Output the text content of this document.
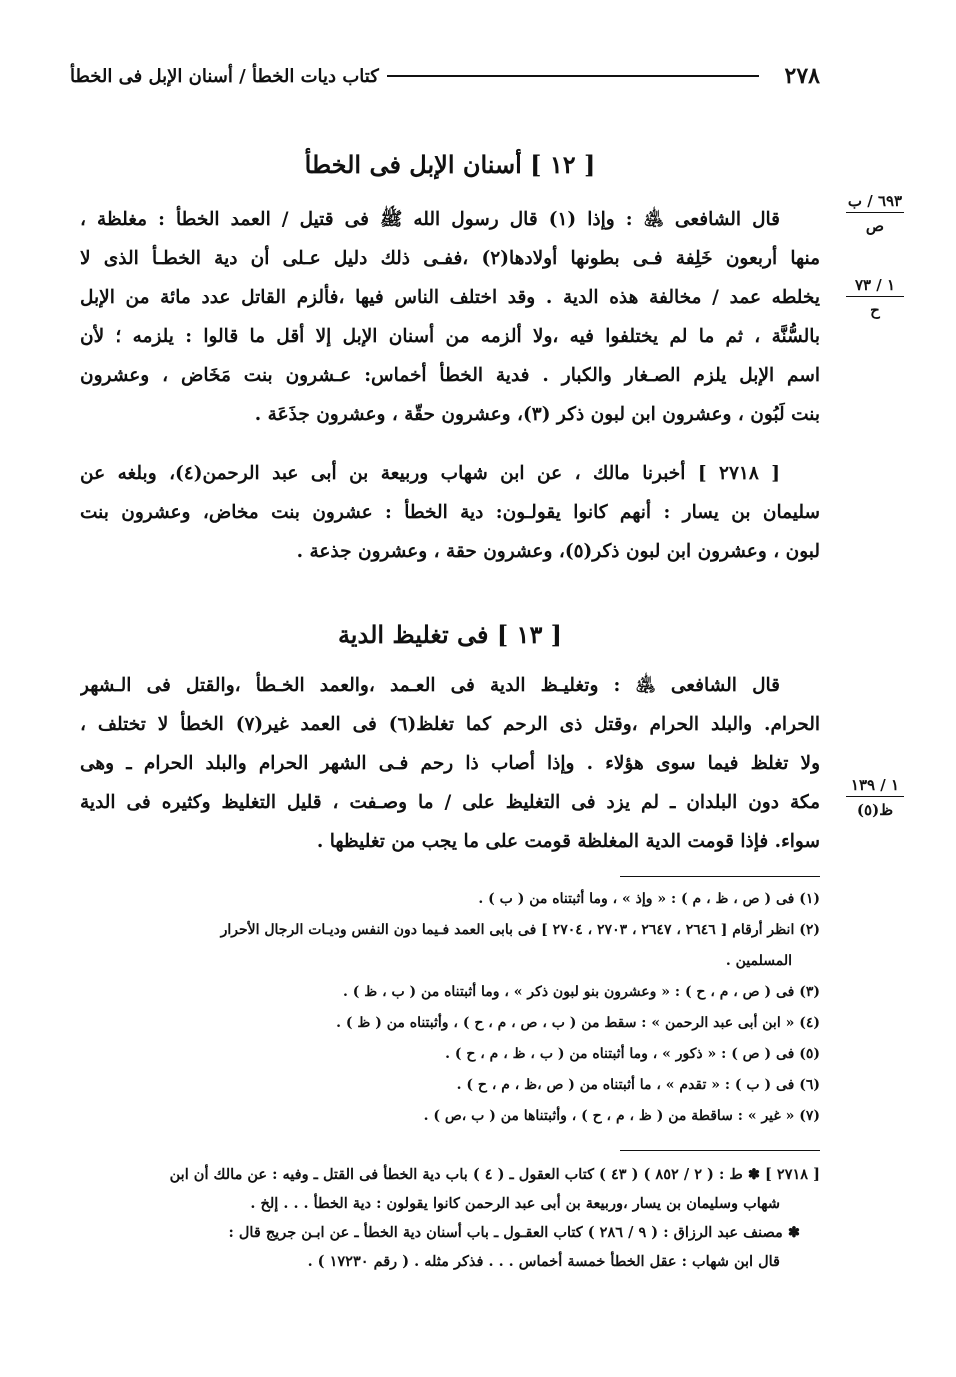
٢٧٨
كتاب ديات الخطأ / أسنان الإبل فى الخطأ
[ ١٢ ] أسنان الإبل فى الخطأ
قال الشافعى ﵁ : وإذا (١) قال رسول الله ﷺ فى قتيل / العمد الخطأ : مغلظة ،
منها أربعون خَلِفة فـى بطونها أولادها(٢) ،ففـى ذلك دليل عـلى أن دية الخطـأ الذى لا
يخلطه عمد / مخالفة هذه الدية . وقد اختلف الناس فيها ،فألزم القاتل عدد مائة من الإبل
بالسُّنَّة ، ثم ما لم يختلفوا فيه ،ولا ألزمه من أسنان الإبل إلا أقل ما قالوا : يلزمه ؛ لأن
اسم الإبل يلزم الصـغار والكبار . فدية الخطأ أخماس: عـشرون بنت مَخَاض ، وعشرون
بنت لَبُون ، وعشرون ابن لبون ذكر (٣)، وعشرون حقّة ، وعشرون جذَعَة .
[ ٢٧١٨ ] أخبرنا مالك ، عن ابن شهاب وربيعة بن أبى عبد الرحمن(٤)، وبلغه عن
سليمان بن يسار : أنهم كانوا يقولـون: دية الخطأ : عشرون بنت مخاض، وعشرون بنت
لبون ، وعشرون ابن لبون ذكر(٥)، وعشرون حقة ، وعشرون جذعة .
[ ١٣ ] فى تغليظ الدية
قال الشافعى ﵁ : وتغليـظ الدية فى العـمد ،والعمد الخـطأ ،والقتل فى الـشهر
الحرام. والبلد الحرام ،وقتل ذى الرحم كما تغلظ(٦) فى العمد غير(٧) الخطأ لا تختلف ،
ولا تغلظ فيما سوى هؤلاء . وإذا أصاب ذا رحم فـى الشهر الحرام والبلد الحرام ـ وهى
مكة دون البلدان ـ لم يزد فى التغليظ على / ما وصـفت ، قليل التغليظ وكثيره فى الدية
سواء. فإذا قومت الدية المغلظة قومت على ما يجب من تغليظها .
٦٩٣ / ب
ص
١ / ٧٣
ح
١ / ١٣٩
ظ(٥)
(١) فى ( ص ، ظ ، م ) : « وإذ » ، وما أثبتناه من ( ب ) .
(٢) انظر أرقام [ ٢٦٤٦ ، ٢٦٤٧ ، ٢٧٠٣ ، ٢٧٠٤ ] فى بابى العمد فـيما دون النفس وديـات الرجال الأحرار
المسلمين .
(٣) فى ( ص ، م ، ح ) : « وعشرون بنو لبون ذكر » ، وما أثبتناه من ( ب ، ظ ) .
(٤) « ابن أبى عبد الرحمن » : سقط من ( ب ، ص ، م ، ح ) ، وأثبتناه من ( ظ ) .
(٥) فى ( ص ) : « ذكور » ، وما أثبتناه من ( ب ، ظ ، م ، ح ) .
(٦) فى ( ب ) : « تقدم » ، ما أثبتناه من ( ص ،ظ ، م ، ح ) .
(٧) « غير » : ساقطة من ( ظ ، م ، ح ) ، وأثبتناها من ( ب ،ص ) .
[ ٢٧١٨ ] ✽ ط : ( ٢ / ٨٥٢ ) ( ٤٣ ) كتاب العقول ـ ( ٤ ) باب دية الخطأ فى القتل ـ وفيه : عن مالك أن ابن
شهاب وسليمان بن يسار ،وربيعة بن أبى عبد الرحمن كانوا يقولون : دية الخطأ . . . إلخ .
✽ مصنف عبد الرزاق : ( ٩ / ٢٨٦ ) كتاب العقـول ـ باب أسنان دية الخطأ ـ عن ابـن جريج قال :
قال ابن شهاب : عقل الخطأ خمسة أخماس . . . فذكر مثله . ( رقم ١٧٢٣٠ ) .
